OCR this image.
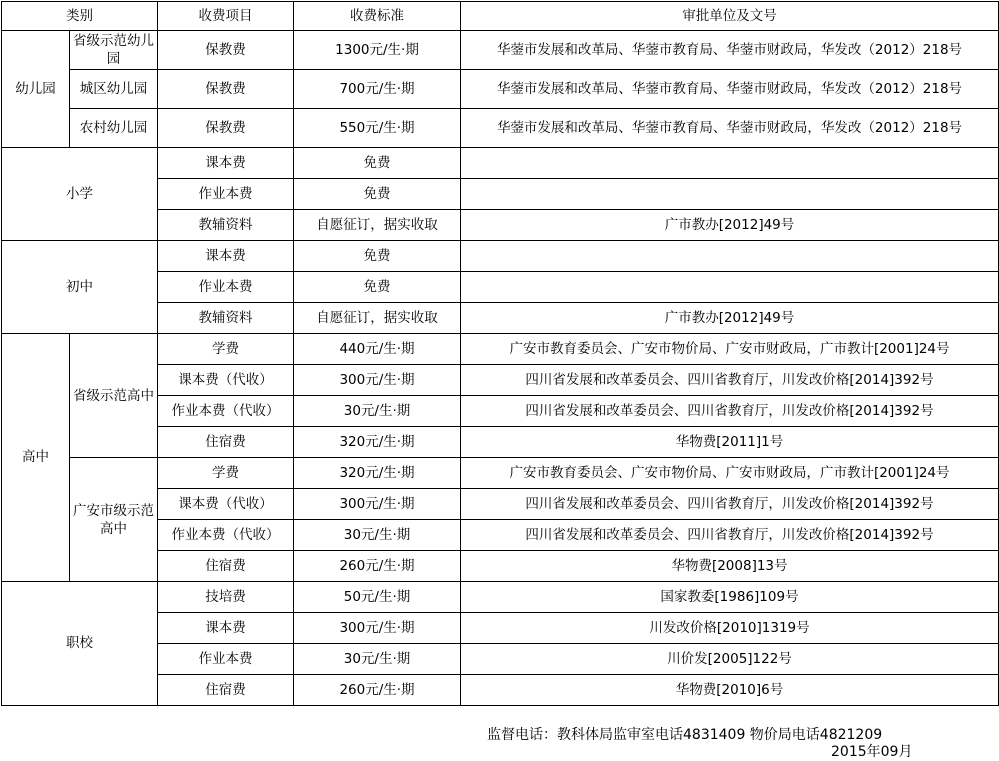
类别		收费项目	收费标准	审批单位及文号
幼儿园	省级示范幼儿园	保教费	1300元/生·期	华蓥市发展和改革局、华蓥市教育局、华蓥市财政局，华发改（2012）218号
	城区幼儿园	保教费	700元/生·期	华蓥市发展和改革局、华蓥市教育局、华蓥市财政局，华发改（2012）218号
	农村幼儿园	保教费	550元/生·期	华蓥市发展和改革局、华蓥市教育局、华蓥市财政局，华发改（2012）218号
小学		课本费	免费	
		作业本费	免费	
		教辅资料	自愿征订，据实收取	广市教办[2012]49号
初中		课本费	免费	
		作业本费	免费	
		教辅资料	自愿征订，据实收取	广市教办[2012]49号
高中	省级示范高中	学费	440元/生·期	广安市教育委员会、广安市物价局、广安市财政局，广市教计[2001]24号
		课本费（代收）	300元/生·期	四川省发展和改革委员会、四川省教育厅，川发改价格[2014]392号
		作业本费（代收）	30元/生·期	四川省发展和改革委员会、四川省教育厅，川发改价格[2014]392号
		住宿费	320元/生·期	华物费[2011]1号
	广安市级示范高中	学费	320元/生·期	广安市教育委员会、广安市物价局、广安市财政局，广市教计[2001]24号
		课本费（代收）	300元/生·期	四川省发展和改革委员会、四川省教育厅，川发改价格[2014]392号
		作业本费（代收）	30元/生·期	四川省发展和改革委员会、四川省教育厅，川发改价格[2014]392号
		住宿费	260元/生·期	华物费[2008]13号
职校		技培费	50元/生·期	国家教委[1986]109号
		课本费	300元/生·期	川发改价格[2010]1319号
		作业本费	30元/生·期	川价发[2005]122号
		住宿费	260元/生·期	华物费[2010]6号
监督电话：教科体局监审室电话4831409 物价局电话4821209
2015年09月
